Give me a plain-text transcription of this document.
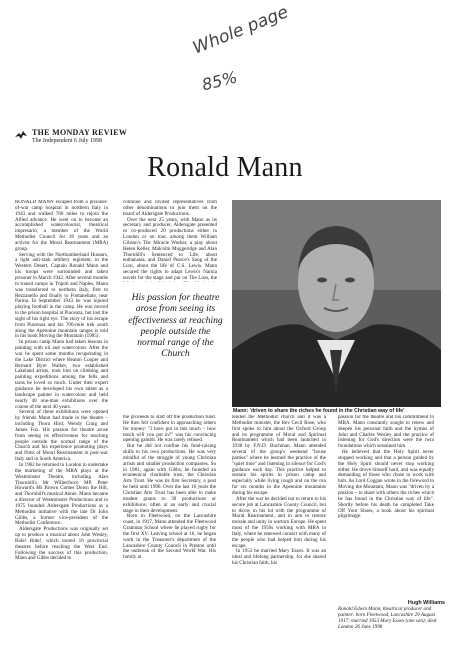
Whole page
85%
THE MONDAY REVIEW
The Independent 6 July 1998
Ronald Mann

RONALD MANN escaped from a prisoner-of-war camp hospital in northern Italy in 1943 and walked 700 miles to rejoin the Allied advance. He went on to become an accomplished watercolourist, theatrical impresario, a member of the World Methodist Council for 18 years and an activist for the Moral Rearmament (MRA) group.

Serving with the Northumberland Hussars, a light anti-tank artillery regiment, in the Western Desert, Captain Ronald Mann and his troops were surrounded and taken prisoner in March 1942. After several months in transit camps in Tripoli and Naples, Mann was transferred to northern Italy, first to Rezzanello and finally to Fontanellato, near Parma. In September 1943 he was injured playing football in the camp. He was moved to the prison hospital at Piacenza, but lost the sight of his right eye. The story of his escape from Piacenza and his 700-mile trek south along the Apennine mountain ranges is told in his book Moving the Mountain (1985).

In prison camp Mann had taken lessons in painting with oil and watercolour. After the war he spent some months recuperating in the Lake District where Heaton Cooper and Bernard Byre Walker, two established Lakeland artists, took him on climbing and painting expeditions among the fells and tarns he loved so much. Under their expert guidance he developed his own talent as a landscape painter in watercolour and held nearly 40 one-man exhibitions over the course of the next 40 years.

Several of these exhibitions were opened by friends Mann had made in the theatre – including Thora Hird, Wendy Craig and James Fox. His passion for theatre arose from seeing its effectiveness for reaching people outside the normal range of the Church and his experience promoting plays and films of Moral Rearmament in post-war Italy and in South America.

In 1962 he returned to London to undertake the marketing of the MRA plays at the Westminster Theatre, including Alan Thornhill's Mr Wilberforce MP, Peter Howard's Mr Brown Comes Down the Hill, and Thornhill's musical Annie. Mann became a director of Westminster Productions and in 1975 founded Aldersgate Productions as a Methodist initiative with the late Dr John Gibbs, a former vice-president of the Methodist Conference.

Aldersgate Productions was originally set up to produce a musical about John Wesley, Ride! Ride!, which toured 16 provincial theatres before reaching the West End. Following the success of this production, Mann and Gibbs decided to

continue and invited representatives from other denominations to join them on the board of Aldersgate Productions.

Over the next 25 years, with Mann as its secretary and producer, Aldersgate presented or co-produced 20 productions either in London or on tour, among them William Gibson's The Miracle Worker, a play about Helen Keller, Malcolm Muggeridge and Alan Thornhill's Sentenced to Life, about euthanasia, and Daniel Pearce's Song of the Lion, about the life of C.S. Lewis. Mann secured the rights to adapt Lewis's Narnia novels for the stage and put on The Lion, the

His passion for theatre arose from seeing its effectiveness at reaching people outside the normal range of the Church
Mann: 'driven to share the riches he found in the Christian way of life'

the proceeds to start off the production fund. He then felt confident in approaching others for money: "I have put in this much – how much will you put in?" was his convincing opening gambit. He was rarely refused.

But he did not confine his fund-raising skills to his own productions. He was very mindful of the struggle of young Christian artists and smaller production companies. So in 1981, again with Gibbs, he founded an ecumenical charitable trust, the Christian Arts Trust. He was its first Secretary, a post he held until 1996. Over the last 16 years the Christian Arts Trust has been able to make modest grants to 30 productions or exhibitions, often at an early and crucial stage in their development.

Born in Fleetwood, on the Lancashire coast, in 1917, Mann attended the Fleetwood Grammar School where he played rugby for the first XV. Leaving school at 16, he began work in the Treasurer's department of the Lancashire County Council in Preston until the outbreak of the Second World War. His family at

tended the Methodist church and it was a Methodist minister, the Rev Cecil Rose, who first spoke to him about the Oxford Group and its programme of Moral and Spiritual Rearmament which had been launched in 1938 by F.N.D. Buchman. Mann attended several of the group's weekend "house parties" where he learned the practice of the "quiet time" and listening in silence for God's guidance each day. This practice helped to sustain his spirits in prison camp and especially while living rough and on the run for six months in the Apennine mountains during his escape.

After the war he decided not to return to his secure job at Lancashire County Council, but to throw in his lot with the programme of Moral Rearmament, and in aim to restore morale and unity in wartorn Europe. He spent most of the 1950s working with MRA in Italy, where he renewed contact with many of the people who had helped him during his escape.

In 1953 he married Mary Essex. It was an ideal and lifelong partnership, for she shared his Christian faith, his

passion for the theatre and his commitment to MRA. Mann constantly sought to renew and deepen his personal faith and the hymns of John and Charles Wesley and the practice of listening for God's direction were the twin foundations which sustained him.

He believed that the Holy Spirit never stopped working and that a person guided by the Holy Spirit should never stop working either. He drove himself hard, and was equally demanding of those who chose to work with him. As Lord Coggan wrote in the foreword to Moving the Mountain, Mann was "driven by a passion – to share with others the riches which he has found in the Christian way of life". Shortly before his death he completed Take Off Your Shoes, a book about his spiritual pilgrimage.

Hugh Williams
Ronald Edwin Mann, theatrical producer and painter: born Fleetwood, Lancashire 29 August 1917; married 1953 Mary Essex (one son); died London 26 June 1998
